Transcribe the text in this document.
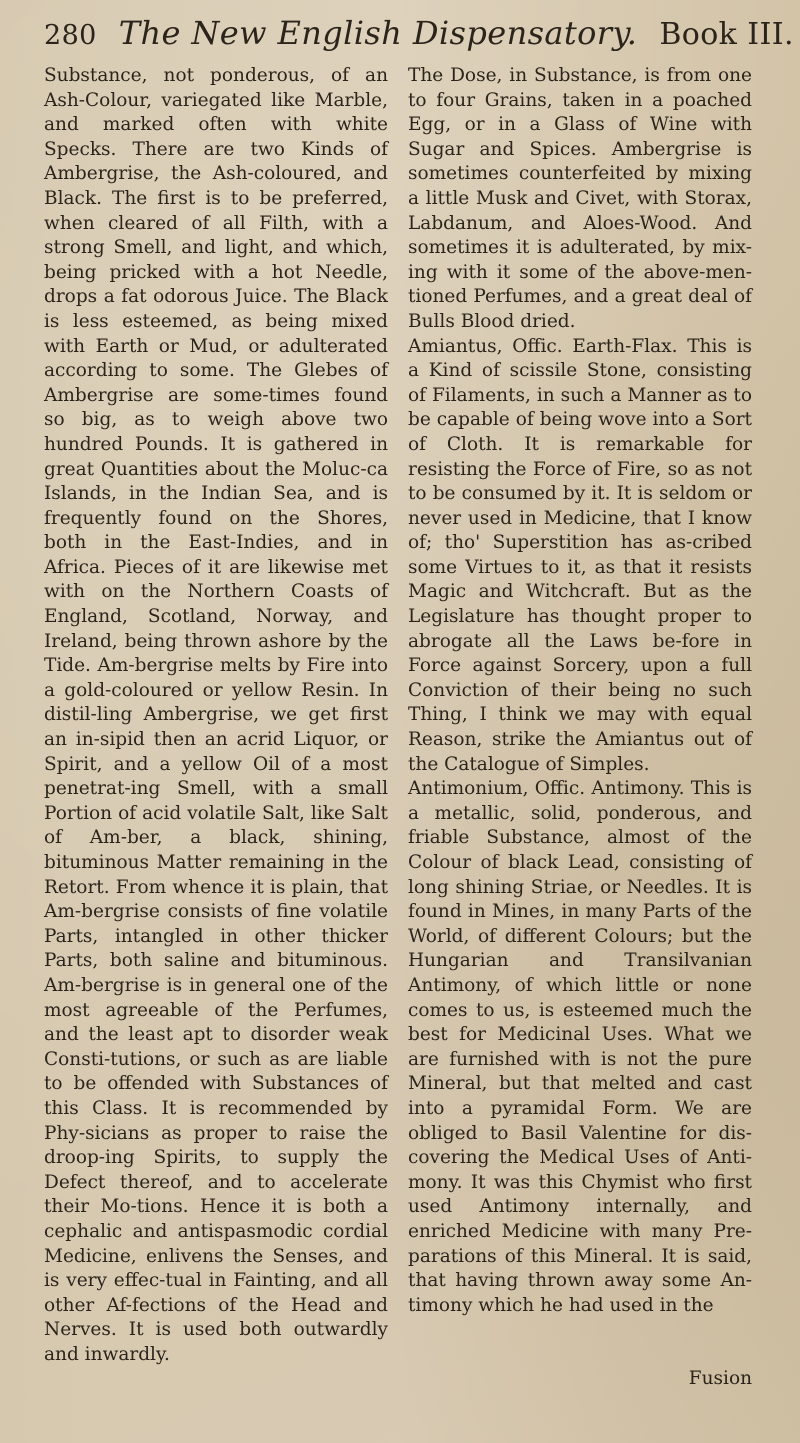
280 The New English Dispensatory. Book III.

Substance, not ponderous, of an Ash-Colour, variegated like Marble, and marked often with white Specks. There are two Kinds of Ambergrise, the Ash-coloured, and Black. The first is to be preferred, when cleared of all Filth, with a strong Smell, and light, and which, being pricked with a hot Needle, drops a fat odorous Juice. The Black is less esteemed, as being mixed with Earth or Mud, or adulterated according to some. The Glebes of Ambergrise are some-times found so big, as to weigh above two hundred Pounds. It is gathered in great Quantities about the Moluc-ca Islands, in the Indian Sea, and is frequently found on the Shores, both in the East-Indies, and in Africa. Pieces of it are likewise met with on the Northern Coasts of England, Scotland, Norway, and Ireland, being thrown ashore by the Tide. Am-bergrise melts by Fire into a gold-coloured or yellow Resin. In distil-ling Ambergrise, we get first an in-sipid then an acrid Liquor, or Spirit, and a yellow Oil of a most penetrat-ing Smell, with a small Portion of acid volatile Salt, like Salt of Am-ber, a black, shining, bituminous Matter remaining in the Retort. From whence it is plain, that Am-bergrise consists of fine volatile Parts, intangled in other thicker Parts, both saline and bituminous. Am-bergrise is in general one of the most agreeable of the Perfumes, and the least apt to disorder weak Consti-tutions, or such as are liable to be offended with Substances of this Class. It is recommended by Phy-sicians as proper to raise the droop-ing Spirits, to supply the Defect thereof, and to accelerate their Mo-tions. Hence it is both a cephalic and antispasmodic cordial Medicine, enlivens the Senses, and is very effec-tual in Fainting, and all other Af-fections of the Head and Nerves. It is used both outwardly and inwardly.

The Dose, in Substance, is from one to four Grains, taken in a poached Egg, or in a Glass of Wine with Sugar and Spices. Ambergrise is sometimes counterfeited by mixing a little Musk and Civet, with Storax, Labdanum, and Aloes-Wood. And sometimes it is adulterated, by mix-ing with it some of the above-men-tioned Perfumes, and a great deal of Bulls Blood dried.

Amiantus, Offic. Earth-Flax. This is a Kind of scissile Stone, consisting of Filaments, in such a Manner as to be capable of being wove into a Sort of Cloth. It is remarkable for resisting the Force of Fire, so as not to be consumed by it. It is seldom or never used in Medicine, that I know of; tho' Superstition has as-cribed some Virtues to it, as that it resists Magic and Witchcraft. But as the Legislature has thought proper to abrogate all the Laws be-fore in Force against Sorcery, upon a full Conviction of their being no such Thing, I think we may with equal Reason, strike the Amiantus out of the Catalogue of Simples.

Antimonium, Offic. Antimony. This is a metallic, solid, ponderous, and friable Substance, almost of the Colour of black Lead, consisting of long shining Striae, or Needles. It is found in Mines, in many Parts of the World, of different Colours; but the Hungarian and Transilvanian Antimony, of which little or none comes to us, is esteemed much the best for Medicinal Uses. What we are furnished with is not the pure Mineral, but that melted and cast into a pyramidal Form. We are obliged to Basil Valentine for dis-covering the Medical Uses of Anti-mony. It was this Chymist who first used Antimony internally, and enriched Medicine with many Pre-parations of this Mineral. It is said, that having thrown away some An-timony which he had used in the

Fusion
